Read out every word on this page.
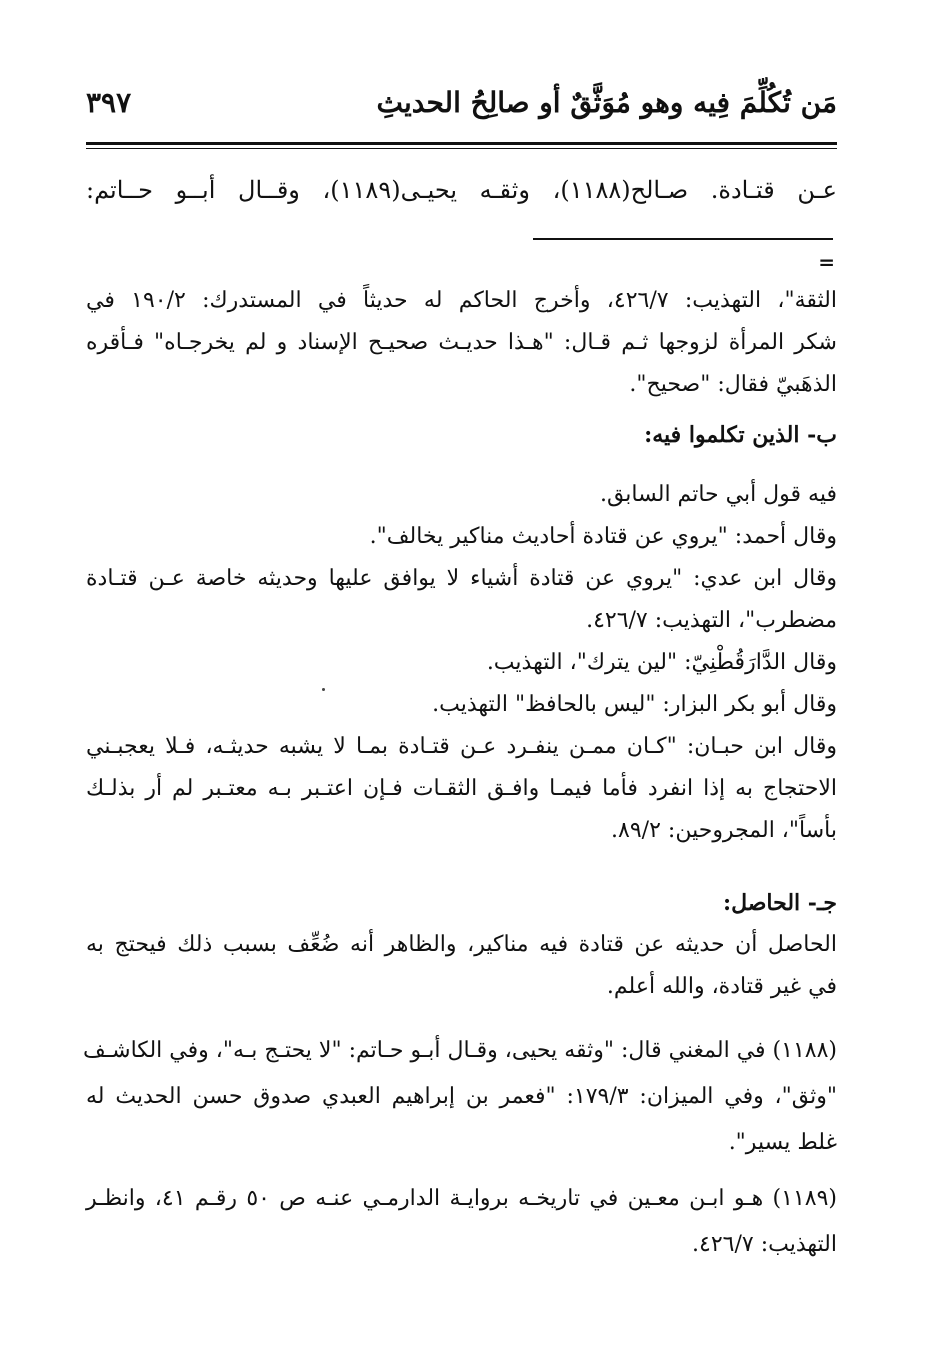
مَن تُكُلِّمَ فِيه وهو مُوَثَّقٌ أو صالِحُ الحديثِ
٣٩٧
عـن قتـادة. صـالح(١١٨٨)، وثقـه يحيـى(١١٨٩)، وقــال أبــو حــاتم:
=
الثقة"، التهذيب: ٤٢٦/٧، وأخرج الحاكم له حديثاً في المستدرك: ١٩٠/٢ في
شكر المرأة لزوجها ثـم قـال: "هـذا حديـث صحيـح الإسناد و لم يخرجـاه" فـأقره
الذهَبيّ فقال: "صحيح".
ب- الذين تكلموا فيه:
فيه قول أبي حاتم السابق.
وقال أحمد: "يروي عن قتادة أحاديث مناكير يخالف".
وقال ابن عدي: "يروي عن قتادة أشياء لا يوافق عليها وحديثه خاصة عـن قتـادة
مضطرب"، التهذيب: ٤٢٦/٧.
وقال الدَّارَقُطْنِيّ: "لين يترك"، التهذيب.
وقال أبو بكر البزار: "ليس بالحافظ" التهذيب.
وقال ابن حبـان: "كـان ممـن ينفـرد عـن قتـادة بمـا لا يشبه حديثـه، فـلا يعجبـني
الاحتجاج به إذا انفرد فأما فيمـا وافـق الثقـات فـإن اعتـبر بـه معتـبر لم أر بذلـك
بأساً"، المجروحين: ٨٩/٢.
جـ- الحاصل:
الحاصل أن حديثه عن قتادة فيه مناكير، والظاهر أنه ضُعِّف بسبب ذلك فيحتج به
في غير قتادة، والله أعلم.
(١١٨٨) في المغني قال: "وثقه يحيى، وقـال أبـو حـاتم: "لا يحتـج بـه"، وفي الكاشـف
"وثق"، وفي الميزان: ١٧٩/٣: "فعمر بن إبراهيم العبدي صدوق حسن الحديث له
غلط يسير".
(١١٨٩) هـو ابـن معـين في تاريخـه بروايـة الدارمـي عنـه ص ٥٠ رقـم ٤١، وانظـر
التهذيب: ٤٢٦/٧.
